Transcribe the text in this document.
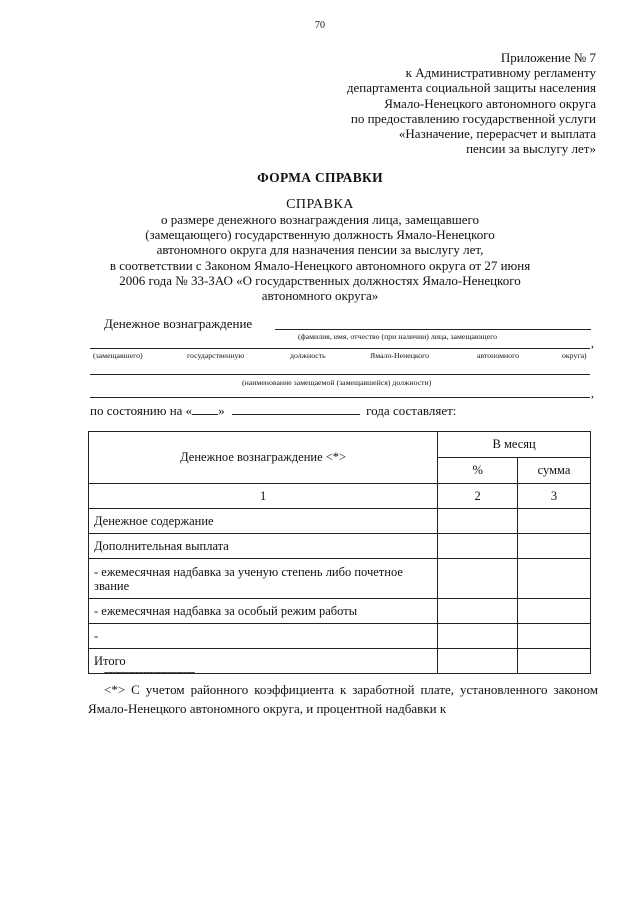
70
Приложение № 7
к Административному регламенту
департамента социальной защиты населения
Ямало-Ненецкого автономного округа
по предоставлению государственной услуги
«Назначение, перерасчет и выплата
пенсии за выслугу лет»
ФОРМА СПРАВКИ
СПРАВКА
о размере денежного вознаграждения лица, замещавшего
(замещающего) государственную должность Ямало-Ненецкого
автономного округа для назначения пенсии за выслугу лет,
в соответствии с Законом Ямало-Ненецкого автономного округа от 27 июня
2006 года № 33-ЗАО «О государственных должностях Ямало-Ненецкого
автономного округа»
Денежное вознаграждение
(фамилия, имя, отчество (при наличии) лица, замещающего	,
(замещавшего)	государственную	должность	Ямало-Ненецкого	автономного	округа)
(наименование замещаемой (замещавшейся) должности)
,
по состоянию на « »	года составляет:
Денежное вознаграждение <*>	В месяц	
	%	сумма
1	2	3
Денежное содержание		
Дополнительная выплата		
- ежемесячная надбавка за ученую степень либо почетное звание		
- ежемесячная надбавка за особый режим работы		
-		
Итого		
--------------------------------
<*> С учетом районного коэффициента к заработной плате, установленного законом Ямало-Ненецкого автономного округа, и процентной надбавки к
